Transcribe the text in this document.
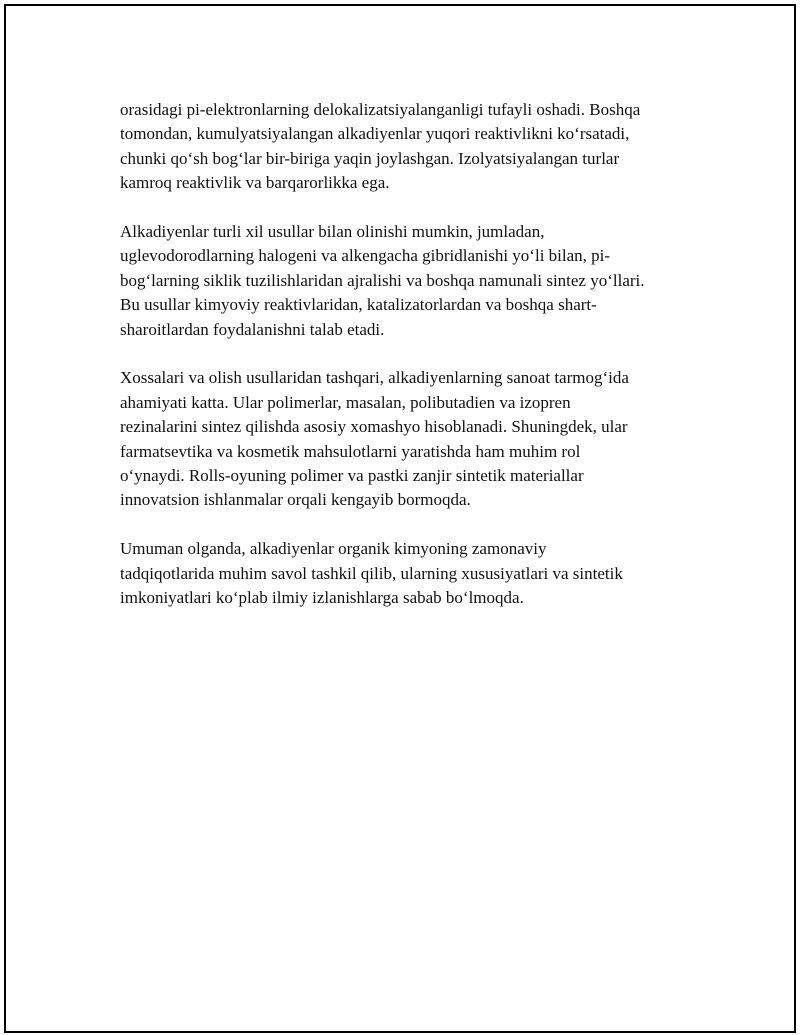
orasidagi pi-elektronlarning delokalizatsiyalanganligi tufayli oshadi. Boshqa
tomondan, kumulyatsiyalangan alkadiyenlar yuqori reaktivlikni ko‘rsatadi,
chunki qo‘sh bog‘lar bir-biriga yaqin joylashgan. Izolyatsiyalangan turlar
kamroq reaktivlik va barqarorlikka ega.

Alkadiyenlar turli xil usullar bilan olinishi mumkin, jumladan,
uglevodorodlarning halogeni va alkengacha gibridlanishi yo‘li bilan, pi-
bog‘larning siklik tuzilishlaridan ajralishi va boshqa namunali sintez yo‘llari.
Bu usullar kimyoviy reaktivlaridan, katalizatorlardan va boshqa shart-
sharoitlardan foydalanishni talab etadi.

Xossalari va olish usullaridan tashqari, alkadiyenlarning sanoat tarmog‘ida
ahamiyati katta. Ular polimerlar, masalan, polibutadien va izopren
rezinalarini sintez qilishda asosiy xomashyo hisoblanadi. Shuningdek, ular
farmatsevtika va kosmetik mahsulotlarni yaratishda ham muhim rol
o‘ynaydi. Rolls-oyuning polimer va pastki zanjir sintetik materiallar
innovatsion ishlanmalar orqali kengayib bormoqda.

Umuman olganda, alkadiyenlar organik kimyoning zamonaviy
tadqiqotlarida muhim savol tashkil qilib, ularning xususiyatlari va sintetik
imkoniyatlari ko‘plab ilmiy izlanishlarga sabab bo‘lmoqda.
